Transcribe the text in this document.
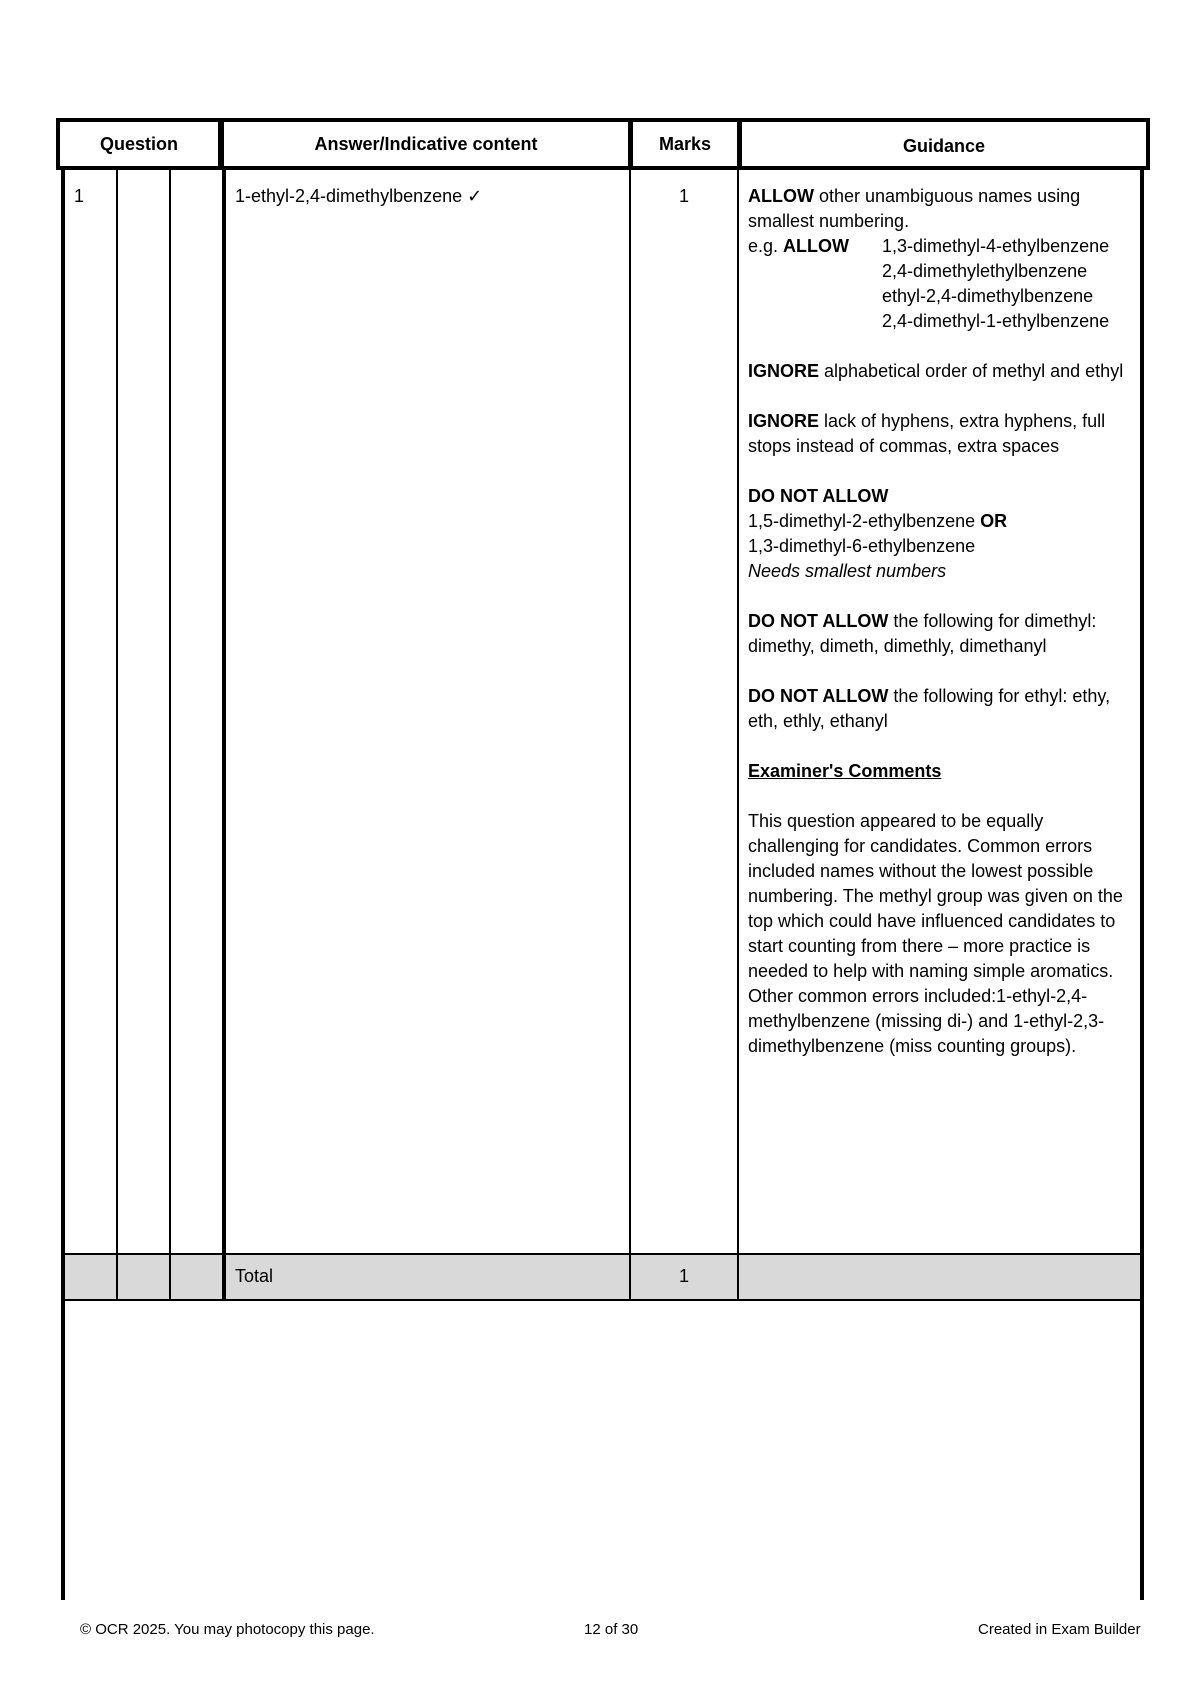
Question	Answer/Indicative content	Marks	Guidance
1	1-ethyl-2,4-dimethylbenzene ✓	1	ALLOW other unambiguous names using smallest numbering.
e.g. ALLOW	1,3-dimethyl-4-ethylbenzene
2,4-dimethylethylbenzene
ethyl-2,4-dimethylbenzene
2,4-dimethyl-1-ethylbenzene

IGNORE alphabetical order of methyl and ethyl

IGNORE lack of hyphens, extra hyphens, full stops instead of commas, extra spaces

DO NOT ALLOW
1,5-dimethyl-2-ethylbenzene OR
1,3-dimethyl-6-ethylbenzene
Needs smallest numbers

DO NOT ALLOW the following for dimethyl: dimethy, dimeth, dimethly, dimethanyl

DO NOT ALLOW the following for ethyl: ethy, eth, ethly, ethanyl

Examiner's Comments

This question appeared to be equally challenging for candidates. Common errors included names without the lowest possible numbering. The methyl group was given on the top which could have influenced candidates to start counting from there – more practice is needed to help with naming simple aromatics. Other common errors included:1-ethyl-2,4-methylbenzene (missing di-) and 1-ethyl-2,3-dimethylbenzene (miss counting groups).

Total	1
© OCR 2025. You may photocopy this page.	12 of 30	Created in Exam Builder
